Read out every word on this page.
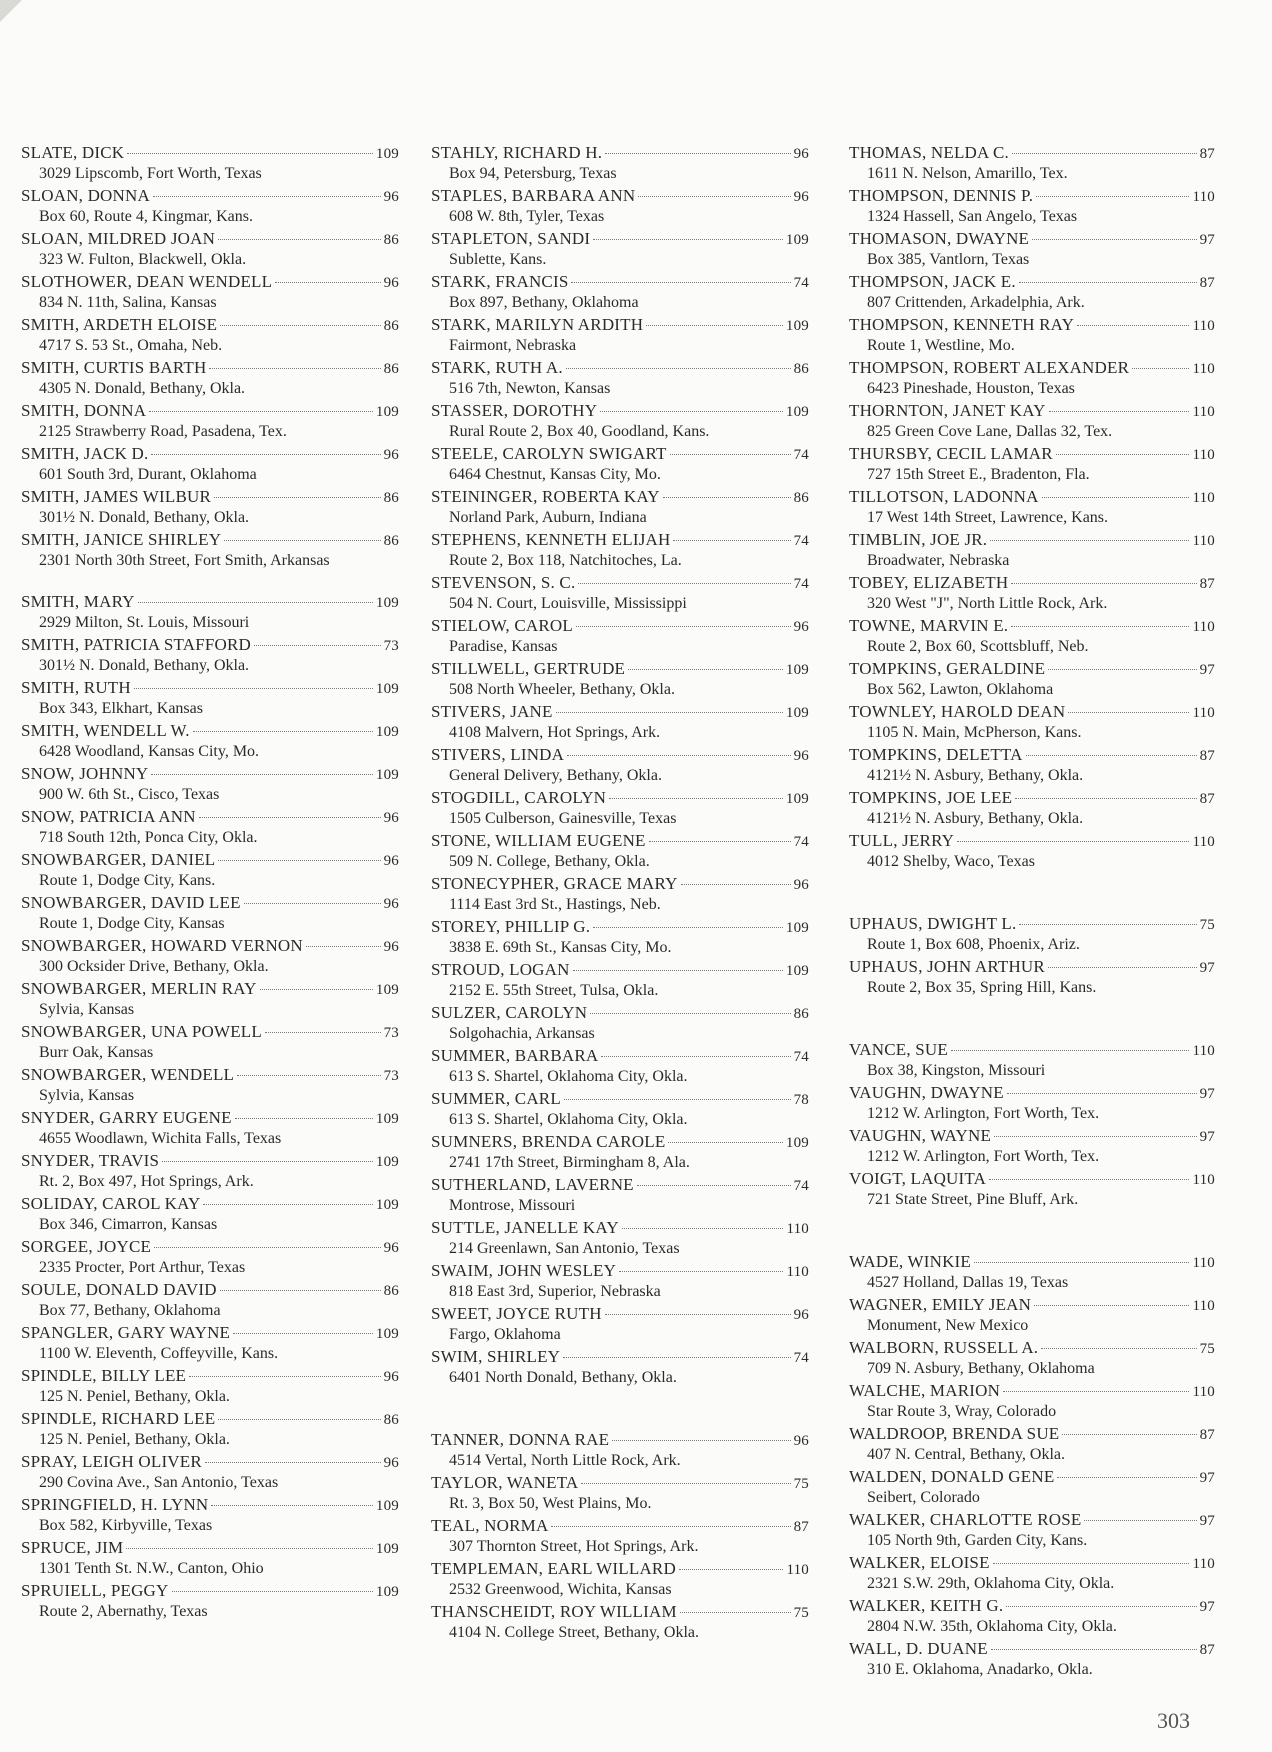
SLATE, DICK	109
3029 Lipscomb, Fort Worth, Texas
SLOAN, DONNA	96
Box 60, Route 4, Kingmar, Kans.
SLOAN, MILDRED JOAN	86
323 W. Fulton, Blackwell, Okla.
SLOTHOWER, DEAN WENDELL	96
834 N. 11th, Salina, Kansas
SMITH, ARDETH ELOISE	86
4717 S. 53 St., Omaha, Neb.
SMITH, CURTIS BARTH	86
4305 N. Donald, Bethany, Okla.
SMITH, DONNA	109
2125 Strawberry Road, Pasadena, Tex.
SMITH, JACK D.	96
601 South 3rd, Durant, Oklahoma
SMITH, JAMES WILBUR	86
301½ N. Donald, Bethany, Okla.
SMITH, JANICE SHIRLEY	86
2301 North 30th Street, Fort Smith, Arkansas
SMITH, MARY	109
2929 Milton, St. Louis, Missouri
SMITH, PATRICIA STAFFORD	73
301½ N. Donald, Bethany, Okla.
SMITH, RUTH	109
Box 343, Elkhart, Kansas
SMITH, WENDELL W.	109
6428 Woodland, Kansas City, Mo.
SNOW, JOHNNY	109
900 W. 6th St., Cisco, Texas
SNOW, PATRICIA ANN	96
718 South 12th, Ponca City, Okla.
SNOWBARGER, DANIEL	96
Route 1, Dodge City, Kans.
SNOWBARGER, DAVID LEE	96
Route 1, Dodge City, Kansas
SNOWBARGER, HOWARD VERNON	96
300 Ocksider Drive, Bethany, Okla.
SNOWBARGER, MERLIN RAY	109
Sylvia, Kansas
SNOWBARGER, UNA POWELL	73
Burr Oak, Kansas
SNOWBARGER, WENDELL	73
Sylvia, Kansas
SNYDER, GARRY EUGENE	109
4655 Woodlawn, Wichita Falls, Texas
SNYDER, TRAVIS	109
Rt. 2, Box 497, Hot Springs, Ark.
SOLIDAY, CAROL KAY	109
Box 346, Cimarron, Kansas
SORGEE, JOYCE	96
2335 Procter, Port Arthur, Texas
SOULE, DONALD DAVID	86
Box 77, Bethany, Oklahoma
SPANGLER, GARY WAYNE	109
1100 W. Eleventh, Coffeyville, Kans.
SPINDLE, BILLY LEE	96
125 N. Peniel, Bethany, Okla.
SPINDLE, RICHARD LEE	86
125 N. Peniel, Bethany, Okla.
SPRAY, LEIGH OLIVER	96
290 Covina Ave., San Antonio, Texas
SPRINGFIELD, H. LYNN	109
Box 582, Kirbyville, Texas
SPRUCE, JIM	109
1301 Tenth St. N.W., Canton, Ohio
SPRUIELL, PEGGY	109
Route 2, Abernathy, Texas
STAHLY, RICHARD H.	96
Box 94, Petersburg, Texas
STAPLES, BARBARA ANN	96
608 W. 8th, Tyler, Texas
STAPLETON, SANDI	109
Sublette, Kans.
STARK, FRANCIS	74
Box 897, Bethany, Oklahoma
STARK, MARILYN ARDITH	109
Fairmont, Nebraska
STARK, RUTH A.	86
516 7th, Newton, Kansas
STASSER, DOROTHY	109
Rural Route 2, Box 40, Goodland, Kans.
STEELE, CAROLYN SWIGART	74
6464 Chestnut, Kansas City, Mo.
STEININGER, ROBERTA KAY	86
Norland Park, Auburn, Indiana
STEPHENS, KENNETH ELIJAH	74
Route 2, Box 118, Natchitoches, La.
STEVENSON, S. C.	74
504 N. Court, Louisville, Mississippi
STIELOW, CAROL	96
Paradise, Kansas
STILLWELL, GERTRUDE	109
508 North Wheeler, Bethany, Okla.
STIVERS, JANE	109
4108 Malvern, Hot Springs, Ark.
STIVERS, LINDA	96
General Delivery, Bethany, Okla.
STOGDILL, CAROLYN	109
1505 Culberson, Gainesville, Texas
STONE, WILLIAM EUGENE	74
509 N. College, Bethany, Okla.
STONECYPHER, GRACE MARY	96
1114 East 3rd St., Hastings, Neb.
STOREY, PHILLIP G.	109
3838 E. 69th St., Kansas City, Mo.
STROUD, LOGAN	109
2152 E. 55th Street, Tulsa, Okla.
SULZER, CAROLYN	86
Solgohachia, Arkansas
SUMMER, BARBARA	74
613 S. Shartel, Oklahoma City, Okla.
SUMMER, CARL	78
613 S. Shartel, Oklahoma City, Okla.
SUMNERS, BRENDA CAROLE	109
2741 17th Street, Birmingham 8, Ala.
SUTHERLAND, LAVERNE	74
Montrose, Missouri
SUTTLE, JANELLE KAY	110
214 Greenlawn, San Antonio, Texas
SWAIM, JOHN WESLEY	110
818 East 3rd, Superior, Nebraska
SWEET, JOYCE RUTH	96
Fargo, Oklahoma
SWIM, SHIRLEY	74
6401 North Donald, Bethany, Okla.
TANNER, DONNA RAE	96
4514 Vertal, North Little Rock, Ark.
TAYLOR, WANETA	75
Rt. 3, Box 50, West Plains, Mo.
TEAL, NORMA	87
307 Thornton Street, Hot Springs, Ark.
TEMPLEMAN, EARL WILLARD	110
2532 Greenwood, Wichita, Kansas
THANSCHEIDT, ROY WILLIAM	75
4104 N. College Street, Bethany, Okla.
THOMAS, NELDA C.	87
1611 N. Nelson, Amarillo, Tex.
THOMPSON, DENNIS P.	110
1324 Hassell, San Angelo, Texas
THOMASON, DWAYNE	97
Box 385, Vantlorn, Texas
THOMPSON, JACK E.	87
807 Crittenden, Arkadelphia, Ark.
THOMPSON, KENNETH RAY	110
Route 1, Westline, Mo.
THOMPSON, ROBERT ALEXANDER	110
6423 Pineshade, Houston, Texas
THORNTON, JANET KAY	110
825 Green Cove Lane, Dallas 32, Tex.
THURSBY, CECIL LAMAR	110
727 15th Street E., Bradenton, Fla.
TILLOTSON, LADONNA	110
17 West 14th Street, Lawrence, Kans.
TIMBLIN, JOE JR.	110
Broadwater, Nebraska
TOBEY, ELIZABETH	87
320 West "J", North Little Rock, Ark.
TOWNE, MARVIN E.	110
Route 2, Box 60, Scottsbluff, Neb.
TOMPKINS, GERALDINE	97
Box 562, Lawton, Oklahoma
TOWNLEY, HAROLD DEAN	110
1105 N. Main, McPherson, Kans.
TOMPKINS, DELETTA	87
4121½ N. Asbury, Bethany, Okla.
TOMPKINS, JOE LEE	87
4121½ N. Asbury, Bethany, Okla.
TULL, JERRY	110
4012 Shelby, Waco, Texas
UPHAUS, DWIGHT L.	75
Route 1, Box 608, Phoenix, Ariz.
UPHAUS, JOHN ARTHUR	97
Route 2, Box 35, Spring Hill, Kans.
VANCE, SUE	110
Box 38, Kingston, Missouri
VAUGHN, DWAYNE	97
1212 W. Arlington, Fort Worth, Tex.
VAUGHN, WAYNE	97
1212 W. Arlington, Fort Worth, Tex.
VOIGT, LAQUITA	110
721 State Street, Pine Bluff, Ark.
WADE, WINKIE	110
4527 Holland, Dallas 19, Texas
WAGNER, EMILY JEAN	110
Monument, New Mexico
WALBORN, RUSSELL A.	75
709 N. Asbury, Bethany, Oklahoma
WALCHE, MARION	110
Star Route 3, Wray, Colorado
WALDROOP, BRENDA SUE	87
407 N. Central, Bethany, Okla.
WALDEN, DONALD GENE	97
Seibert, Colorado
WALKER, CHARLOTTE ROSE	97
105 North 9th, Garden City, Kans.
WALKER, ELOISE	110
2321 S.W. 29th, Oklahoma City, Okla.
WALKER, KEITH G.	97
2804 N.W. 35th, Oklahoma City, Okla.
WALL, D. DUANE	87
310 E. Oklahoma, Anadarko, Okla.
303
